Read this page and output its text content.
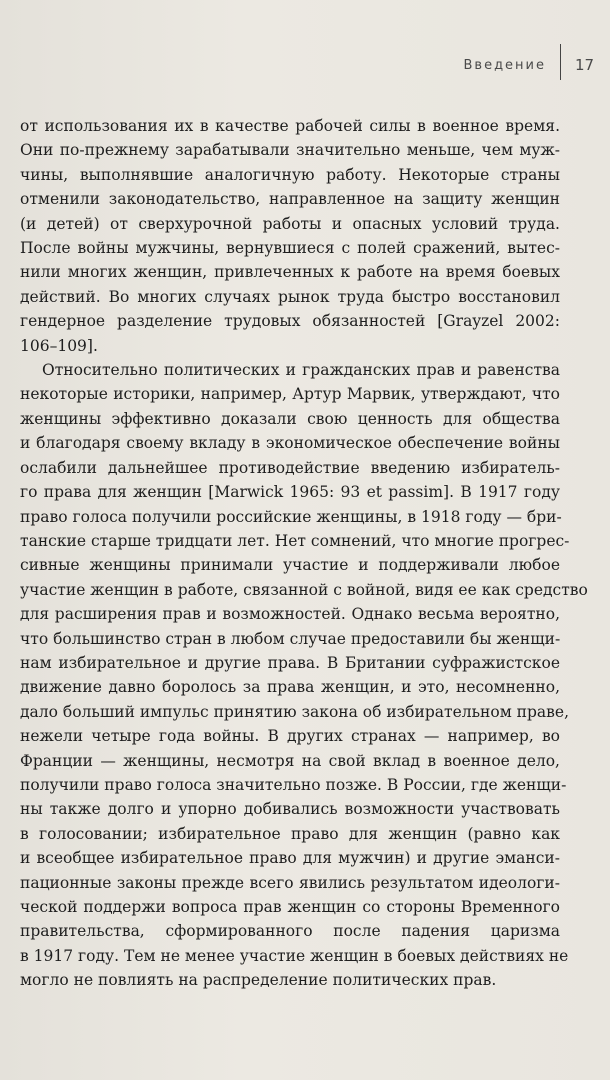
Введение 17
от использования их в качестве рабочей силы в военное время.
Они по-прежнему зарабатывали значительно меньше, чем муж-
чины, выполнявшие аналогичную работу. Некоторые страны
отменили законодательство, направленное на защиту женщин
(и детей) от сверхурочной работы и опасных условий труда.
После войны мужчины, вернувшиеся с полей сражений, вытес-
нили многих женщин, привлеченных к работе на время боевых
действий. Во многих случаях рынок труда быстро восстановил
гендерное разделение трудовых обязанностей [Grayzel 2002:
106–109].
Относительно политических и гражданских прав и равенства
некоторые историки, например, Артур Марвик, утверждают, что
женщины эффективно доказали свою ценность для общества
и благодаря своему вкладу в экономическое обеспечение войны
ослабили дальнейшее противодействие введению избиратель-
го права для женщин [Marwick 1965: 93 et passim]. В 1917 году
право голоса получили российские женщины, в 1918 году — бри-
танские старше тридцати лет. Нет сомнений, что многие прогрес-
сивные женщины принимали участие и поддерживали любое
участие женщин в работе, связанной с войной, видя ее как средство
для расширения прав и возможностей. Однако весьма вероятно,
что большинство стран в любом случае предоставили бы женщи-
нам избирательное и другие права. В Британии суфражистское
движение давно боролось за права женщин, и это, несомненно,
дало больший импульс принятию закона об избирательном праве,
нежели четыре года войны. В других странах — например, во
Франции — женщины, несмотря на свой вклад в военное дело,
получили право голоса значительно позже. В России, где женщи-
ны также долго и упорно добивались возможности участвовать
в голосовании; избирательное право для женщин (равно как
и всеобщее избирательное право для мужчин) и другие эманси-
пационные законы прежде всего явились результатом идеологи-
ческой поддержи вопроса прав женщин со стороны Временного
правительства, сформированного после падения царизма
в 1917 году. Тем не менее участие женщин в боевых действиях не
могло не повлиять на распределение политических прав.
